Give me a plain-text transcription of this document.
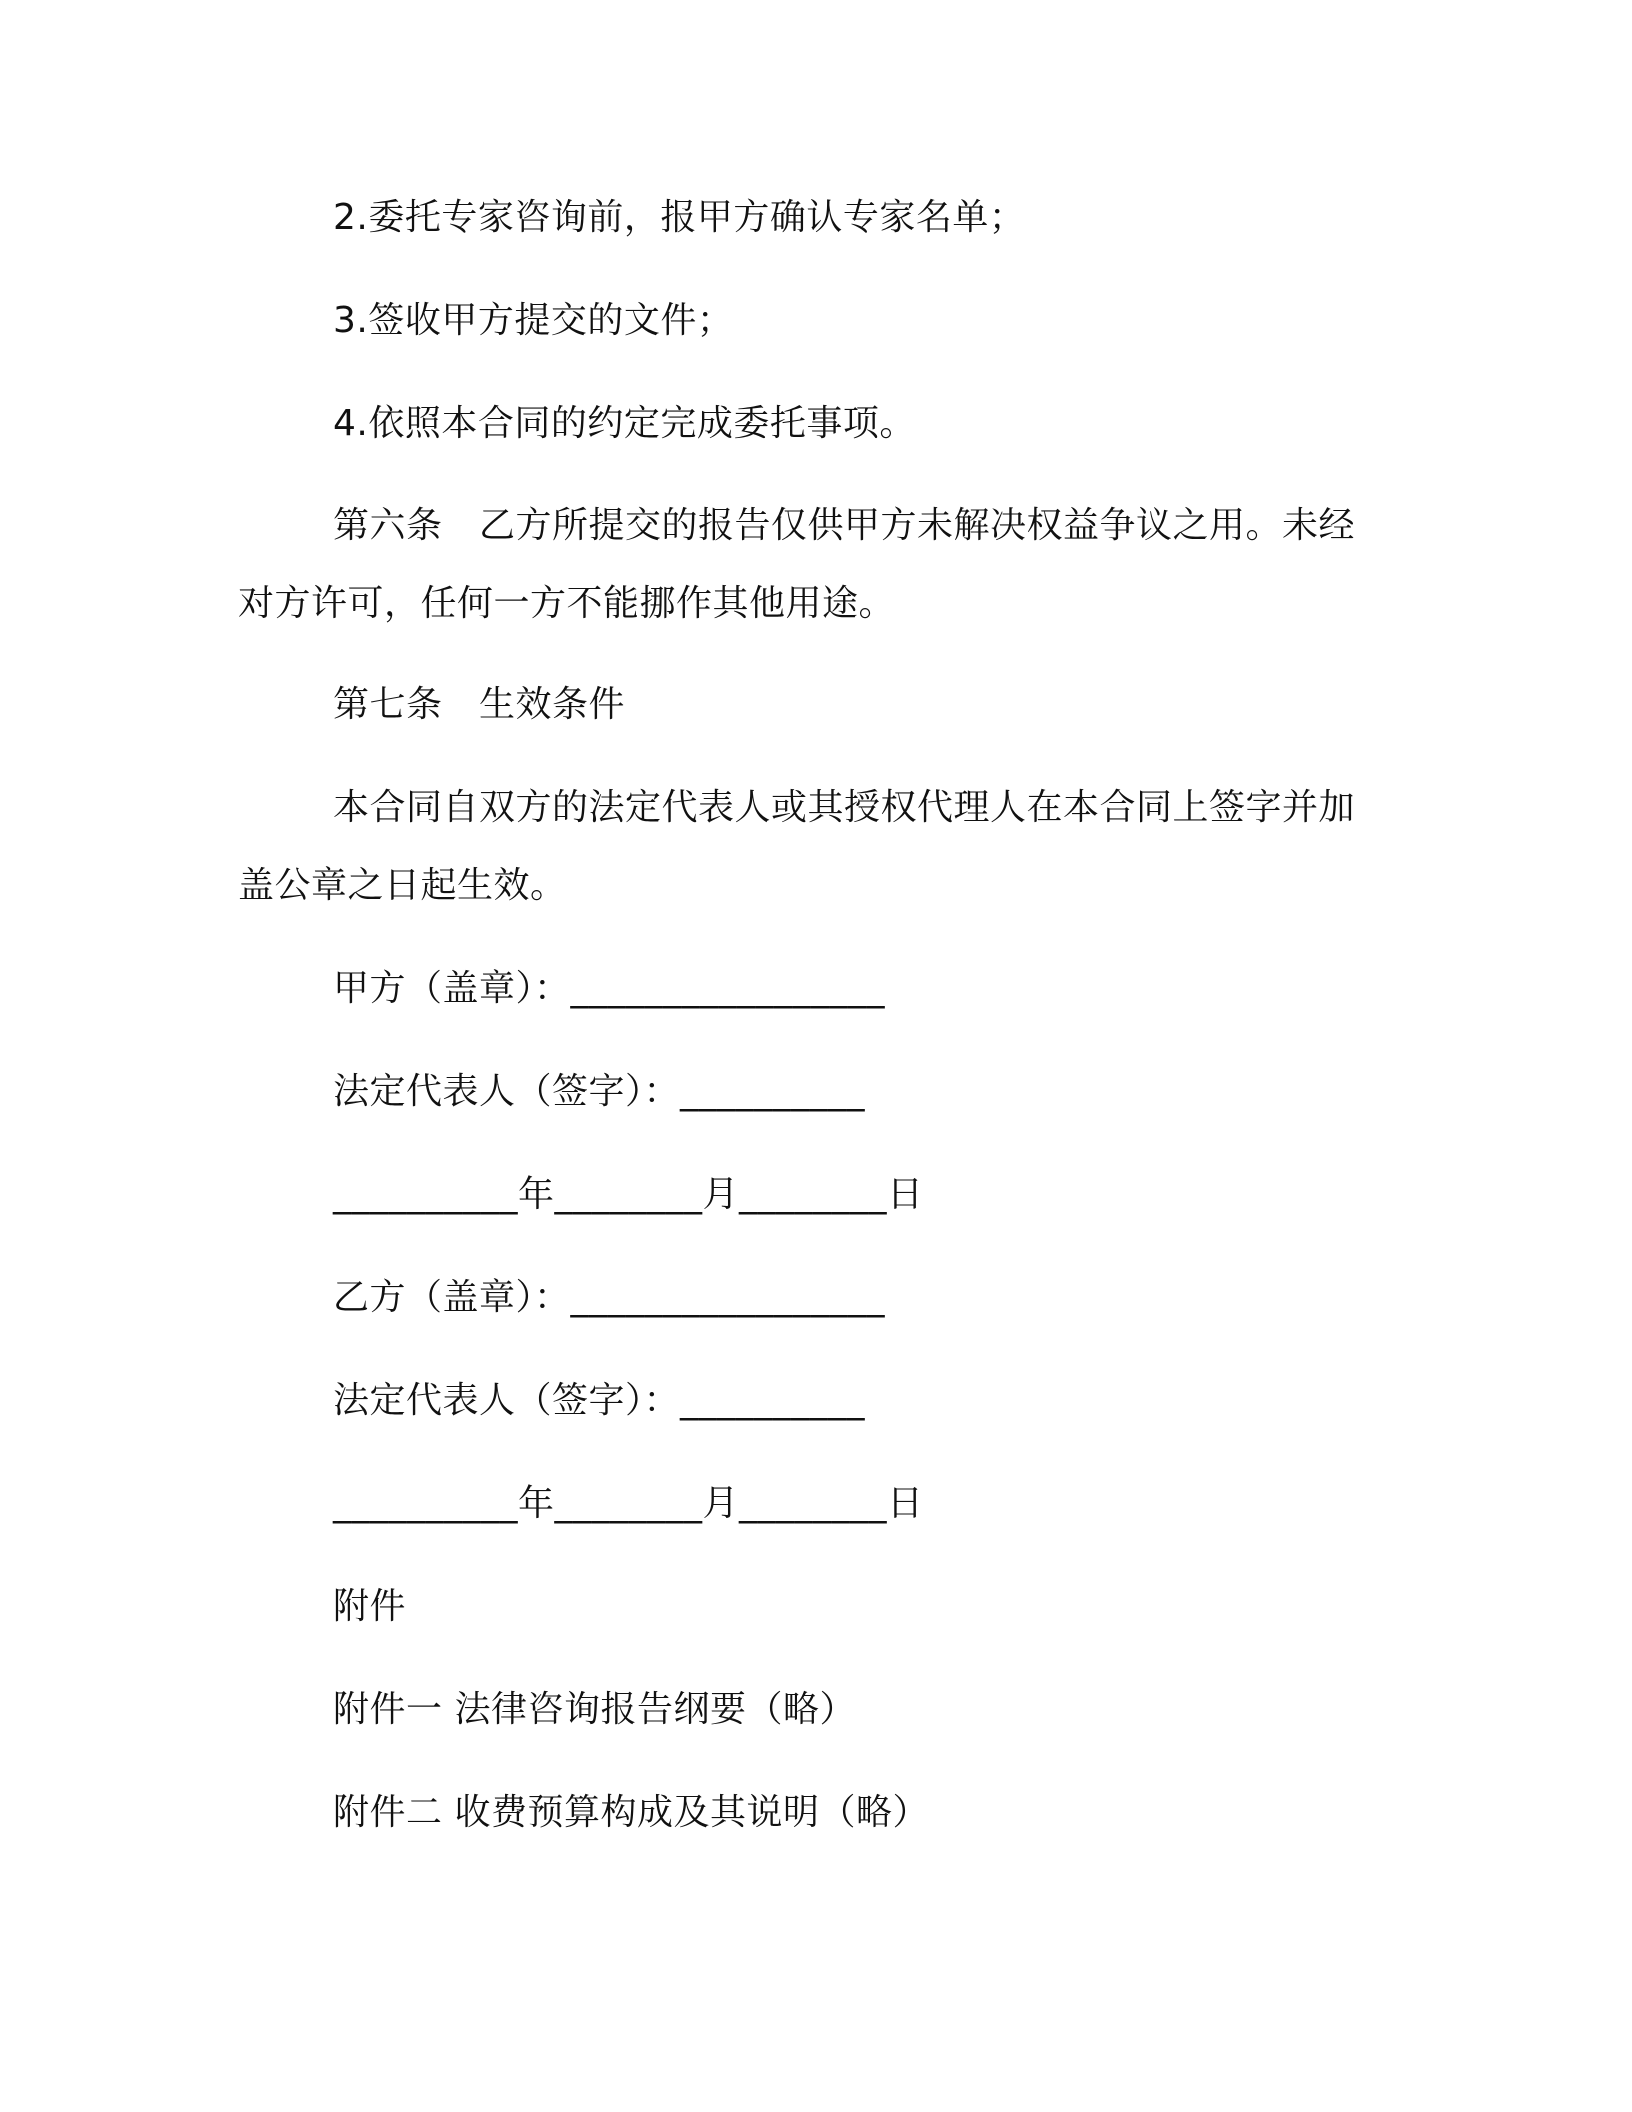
2.委托专家咨询前，报甲方确认专家名单；
3.签收甲方提交的文件；
4.依照本合同的约定完成委托事项。
第六条　乙方所提交的报告仅供甲方未解决权益争议之用。未经
对方许可，任何一方不能挪作其他用途。
第七条　生效条件
本合同自双方的法定代表人或其授权代理人在本合同上签字并加
盖公章之日起生效。
甲方（盖章）：_________________
法定代表人（签字）：__________
__________年________月________日
乙方（盖章）：_________________
法定代表人（签字）：__________
__________年________月________日
附件
附件一 法律咨询报告纲要（略）
附件二 收费预算构成及其说明（略）
